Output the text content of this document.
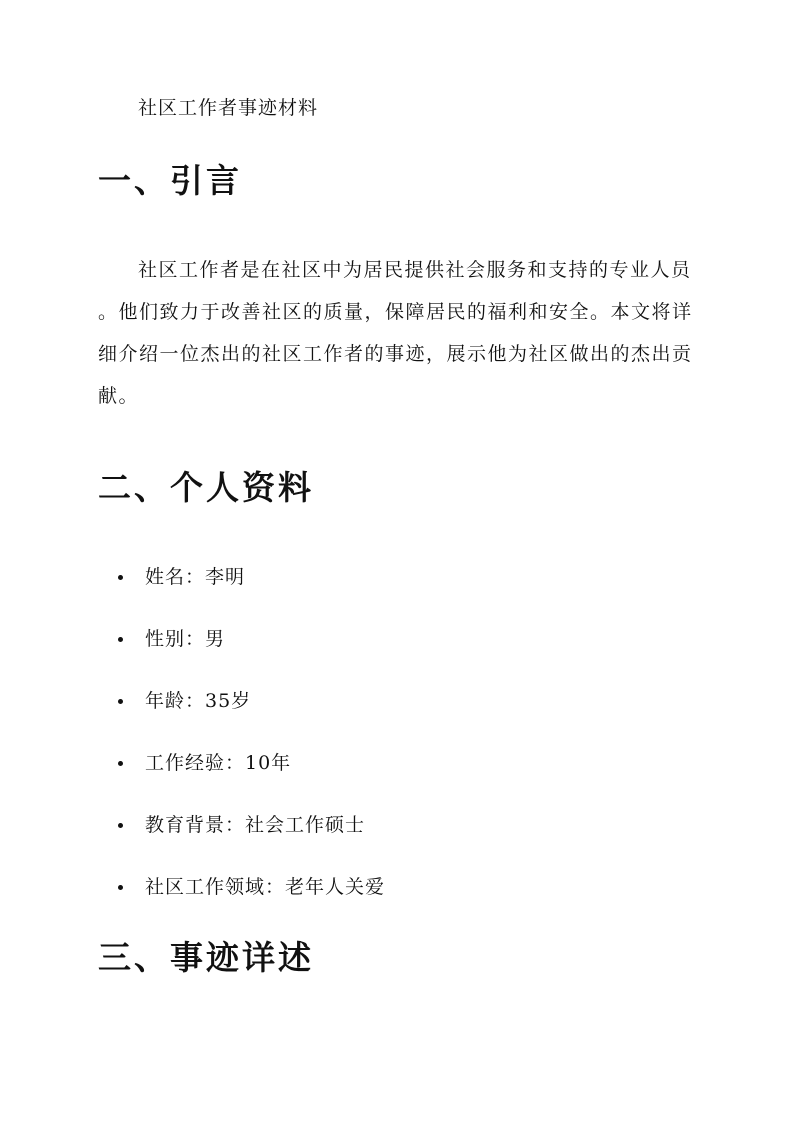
社区工作者事迹材料
一、引言
社区工作者是在社区中为居民提供社会服务和支持的专业人员
。他们致力于改善社区的质量，保障居民的福利和安全。本文将详
细介绍一位杰出的社区工作者的事迹，展示他为社区做出的杰出贡
献。
二、个人资料
姓名：李明
性别：男
年龄：35岁
工作经验：10年
教育背景：社会工作硕士
社区工作领域：老年人关爱
三、事迹详述
